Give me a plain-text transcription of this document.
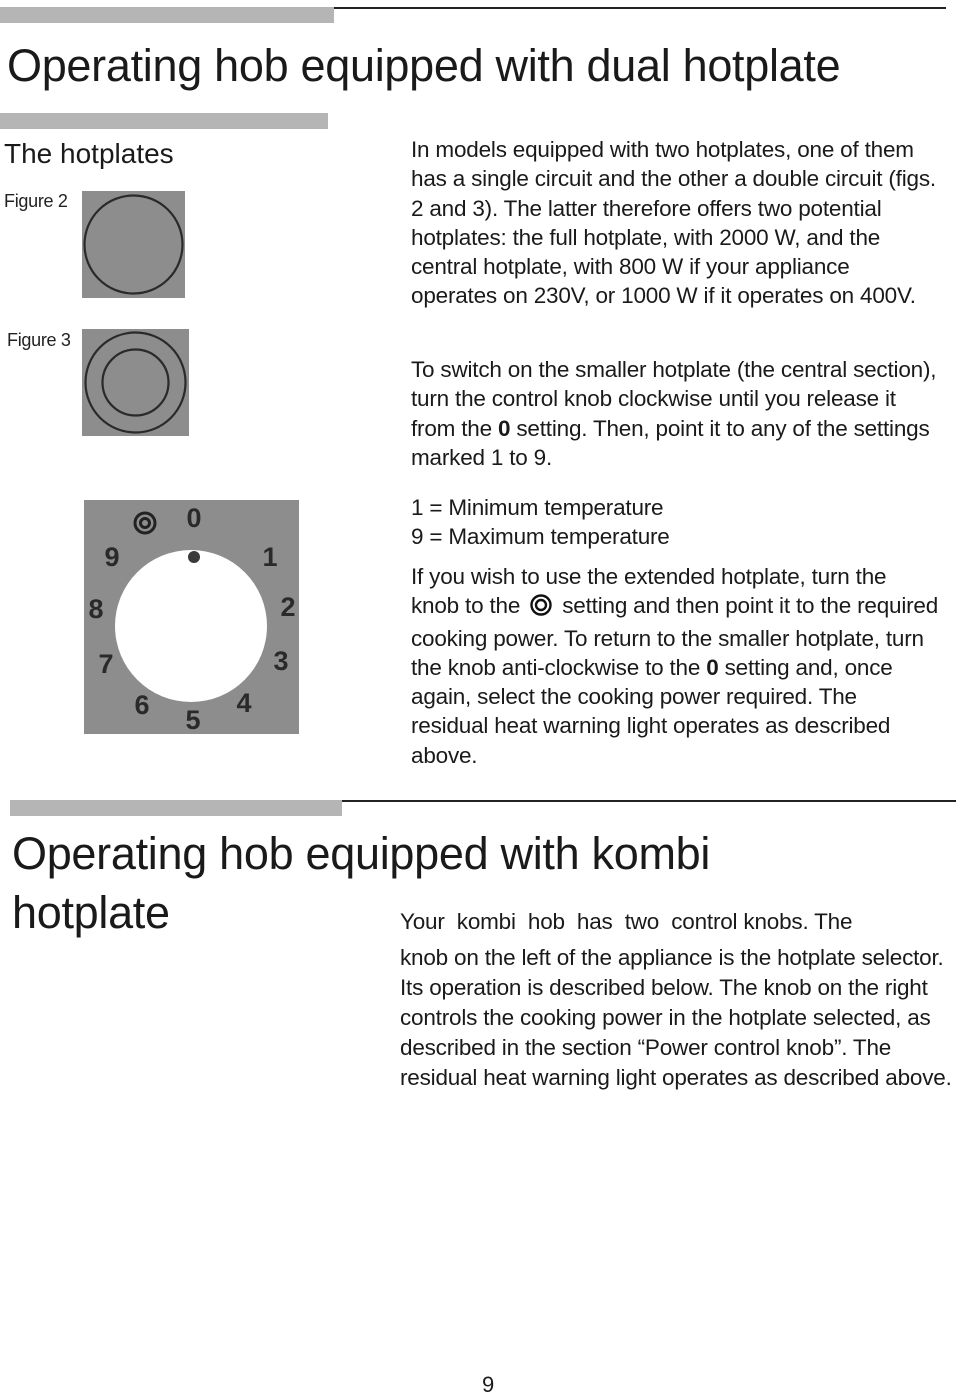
Operating hob equipped with dual hotplate
The hotplates
Figure 2
Figure 3

In models equipped with two hotplates, one of them has a single circuit and the other a double circuit (figs. 2 and 3). The latter therefore offers two potential hotplates: the full hotplate, with 2000 W, and the central hotplate, with 800 W if your appliance operates on 230V, or 1000 W if it operates on 400V.

To switch on the smaller hotplate (the central section), turn the control knob clockwise until you release it from the 0 setting. Then, point it to any of the settings marked 1 to 9.

1 = Minimum temperature

9 = Maximum temperature

If you wish to use the extended hotplate, turn the knob to the  setting and then point it to the required cooking power. To return to the smaller hotplate, turn the knob anti-clockwise to the 0 setting and, once again, select the cooking power required. The residual heat warning light operates as described above.

0
1
2
3
4
5
6
7
8
9
Operating hob equipped with kombi
hotplate	Your  kombi  hob  has  two  control knobs. The

knob on the left of the appliance is the hotplate selector. Its operation is described below. The knob on the right controls the cooking power in the hotplate selected, as described in the section “Power control knob”. The residual heat warning light operates as described above.

9
